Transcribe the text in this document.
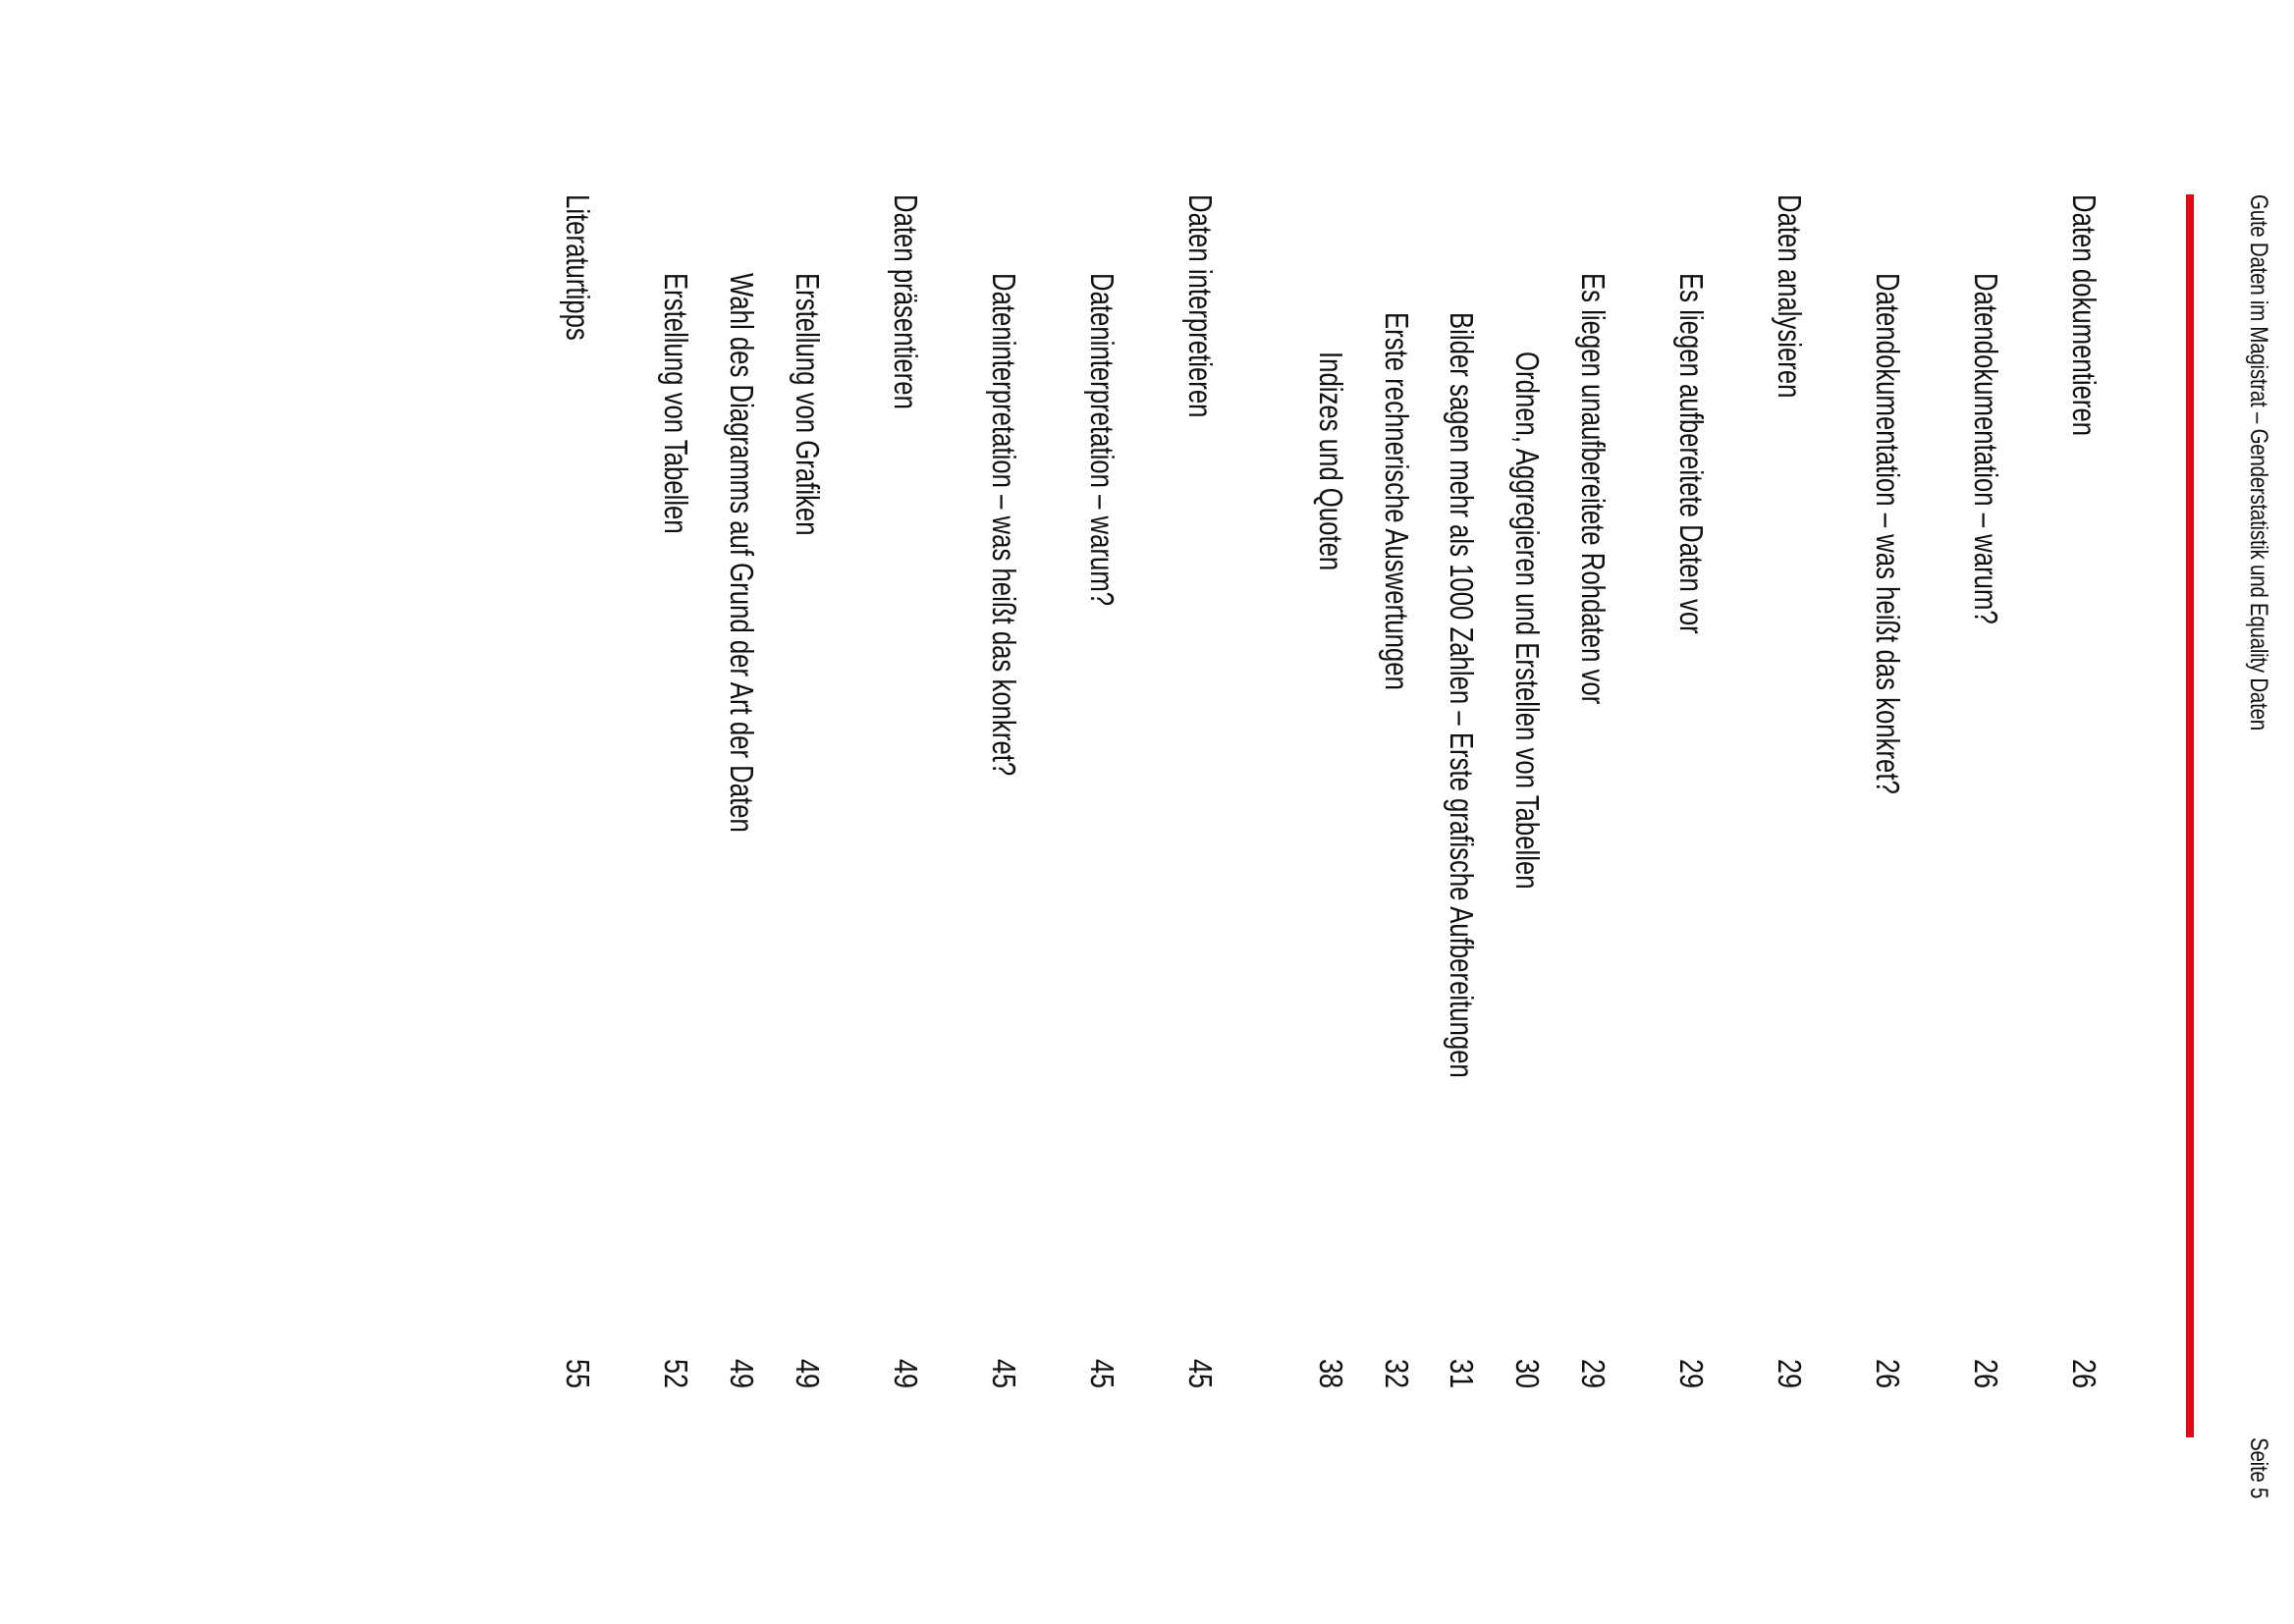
Gute Daten im Magistrat – Genderstatistik und Equality Daten
Seite 5
Daten dokumentieren
26
Datendokumentation – warum?
26
Datendokumentation – was heißt das konkret?
26
Daten analysieren
29
Es liegen aufbereitete Daten vor
29
Es liegen unaufbereitete Rohdaten vor
29
Ordnen, Aggregieren und Erstellen von Tabellen
30
Bilder sagen mehr als 1000 Zahlen – Erste grafische Aufbereitungen
31
Erste rechnerische Auswertungen
32
Indizes und Quoten
38
Daten interpretieren
45
Dateninterpretation – warum?
45
Dateninterpretation – was heißt das konkret?
45
Daten präsentieren
49
Erstellung von Grafiken
49
Wahl des Diagramms auf Grund der Art der Daten
49
Erstellung von Tabellen
52
Literaturtipps
55
